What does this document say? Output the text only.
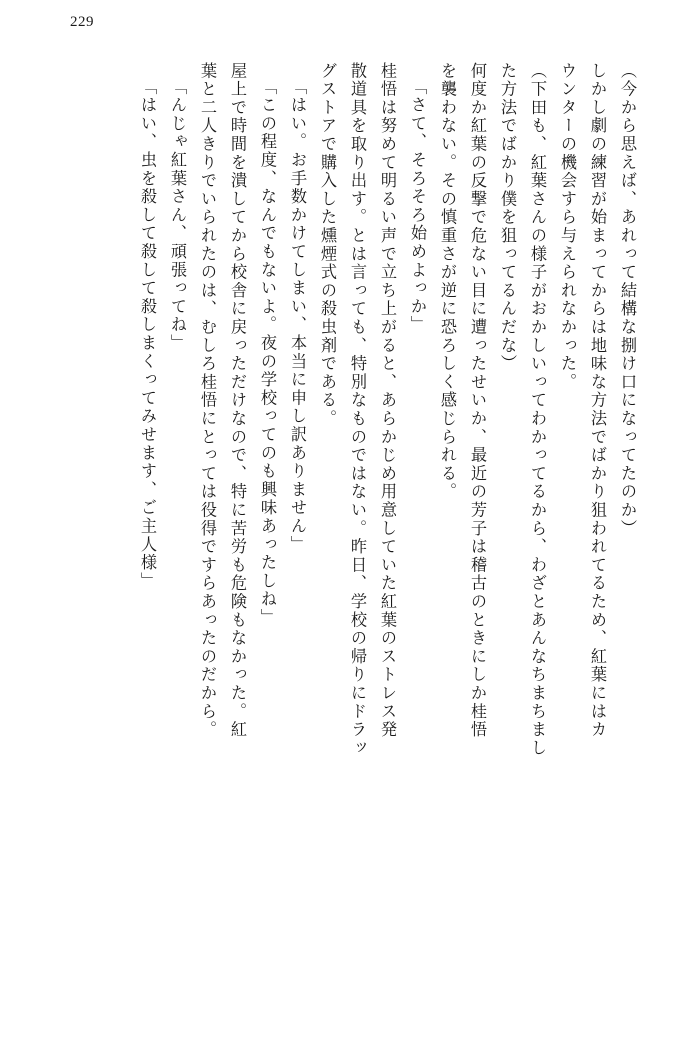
229
（今から思えば、あれって結構な捌け口になってたのか）
しかし劇の練習が始まってからは地味な方法でばかり狙われてるため、紅葉にはカ
ウンターの機会すら与えられなかった。
（下田も、紅葉さんの様子がおかしいってわかってるから、わざとあんなちまちまし
た方法でばかり僕を狙ってるんだな）
何度か紅葉の反撃で危ない目に遭ったせいか、最近の芳子は稽古のときにしか桂悟
を襲わない。その慎重さが逆に恐ろしく感じられる。
「さて、そろそろ始めよっか」
桂悟は努めて明るい声で立ち上がると、あらかじめ用意していた紅葉のストレス発
散道具を取り出す。とは言っても、特別なものではない。昨日、学校の帰りにドラッ
グストアで購入した燻煙式の殺虫剤である。
「はい。お手数かけてしまい、本当に申し訳ありません」
「この程度、なんでもないよ。夜の学校ってのも興味あったしね」
屋上で時間を潰してから校舎に戻っただけなので、特に苦労も危険もなかった。紅
葉と二人きりでいられたのは、むしろ桂悟にとっては役得ですらあったのだから。
「んじゃ紅葉さん、頑張ってね」
「はい、虫を殺して殺して殺しまくってみせます、ご主人様」
